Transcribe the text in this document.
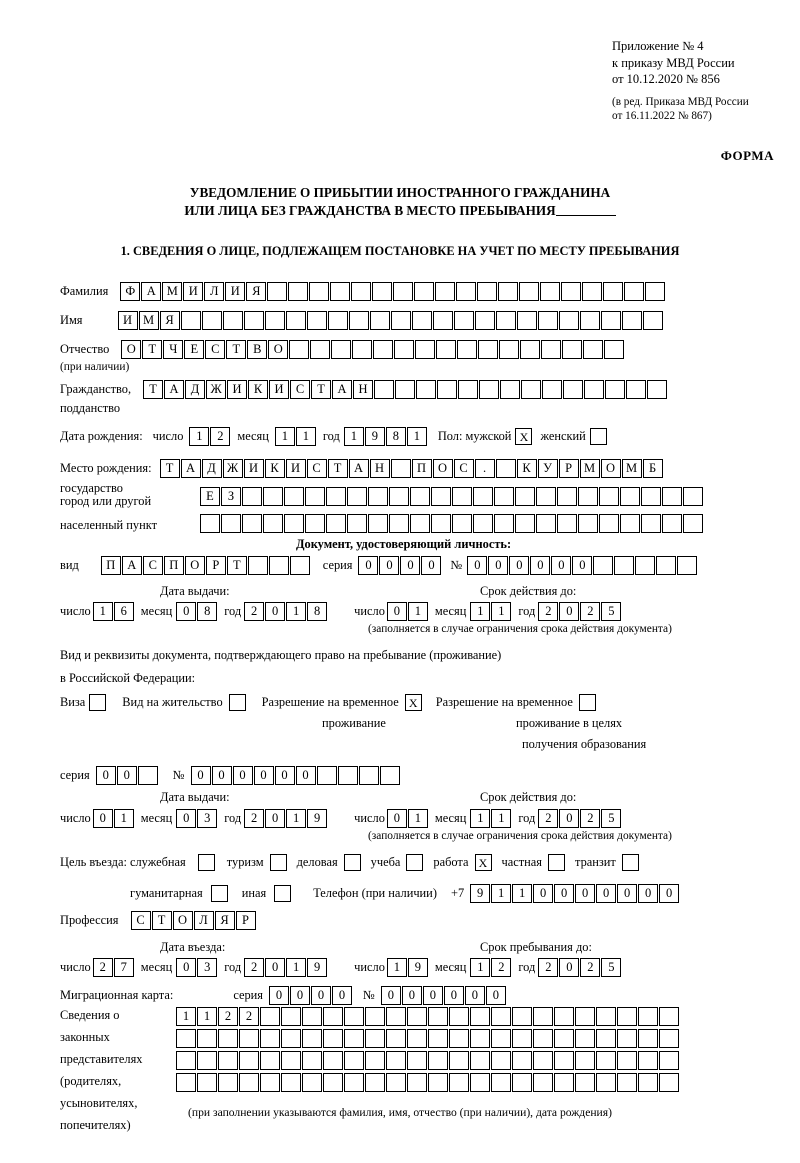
Приложение № 4
к приказу МВД России
от 10.12.2020 № 856
(в ред. Приказа МВД России
от 16.11.2022 № 867)
ФОРМА
УВЕДОМЛЕНИЕ О ПРИБЫТИИ ИНОСТРАННОГО ГРАЖДАНИНА
ИЛИ ЛИЦА БЕЗ ГРАЖДАНСТВА В МЕСТО ПРЕБЫВАНИЯ
1. СВЕДЕНИЯ О ЛИЦЕ, ПОДЛЕЖАЩЕМ ПОСТАНОВКЕ НА УЧЕТ ПО МЕСТУ ПРЕБЫВАНИЯ
Фамилия	Ф А М И Л И Я
Имя	И М Я
Отчество	О	Т	Ч	Е	С	Т	В О
(при наличии)
Гражданство,	Т	А Д Ж И К И С	Т	А Н
подданство
Дата рождения: число	1	2	месяц	1	1	год 1	9	8	1	Пол: мужской X женский
Место рождения:	Т	А Д Ж И К И С	Т	А Н	П О С	.	К У	Р М О М Б
государство
Е	З
город или другой
населенный пункт
Документ, удостоверяющий личность:
вид	П А С П О	Р	Т	серия	0	0	0	0	№ 0	0	0	0	0	0
Дата выдачи:	Срок действия до:
число 1	6	месяц 0	8	год 2	0	1	8	число 0	1	месяц 1	1	год 2	0	2	5
(заполняется в случае ограничения срока действия документа)
Вид и реквизиты документа, подтверждающего право на пребывание (проживание)
в Российской Федерации:
Виза	Вид на жительство	Разрешение на временное X	Разрешение на временное
проживание	проживание в целях
получения образования
серия	0	0	№	0	0	0	0	0	0
Дата выдачи:	Срок действия до:
число 0	1	месяц 0	3	год 2	0	1	9	число 0	1	месяц 1	1	год 2	0	2	5
(заполняется в случае ограничения срока действия документа)
Цель въезда: служебная	туризм	деловая	учеба	работа X	частная	транзит
гуманитарная	иная	Телефон (при наличии) +7	9	1	1	0	0	0	0	0	0	0
Профессия	С	Т	О Л	Я	Р
Дата въезда:	Срок пребывания до:
число 2	7	месяц 0	3	год 2	0	1	9	число 1	9	месяц 1	2	год 2	0	2	5
Миграционная карта:	серия	0	0	0	0	№	0	0	0	0	0	0
Сведения о
законных
представителях
(родителях,
усыновителях,
попечителях)
1	1	2	2
(при заполнении указываются фамилия, имя, отчество (при наличии), дата рождения)
